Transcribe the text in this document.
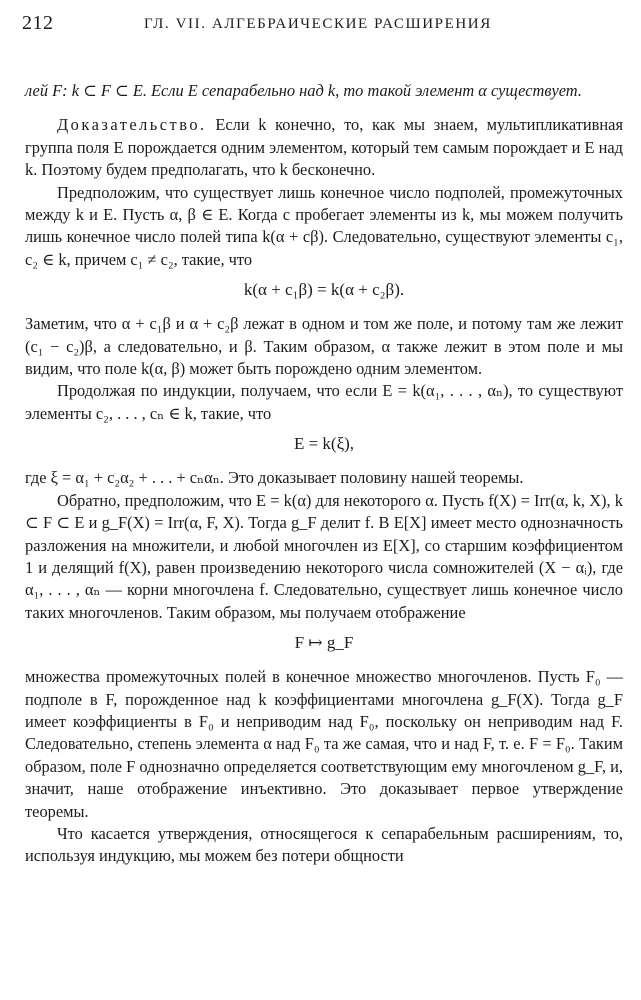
212	ГЛ. VII. АЛГЕБРАИЧЕСКИЕ РАСШИРЕНИЯ

лей F: k ⊂ F ⊂ E. Если E сепарабельно над k, то такой элемент α существует.

Доказательство. Если k конечно, то, как мы знаем, мультипликативная группа поля E порождается одним элементом, который тем самым порождает и E над k. Поэтому будем предполагать, что k бесконечно.

Предположим, что существует лишь конечное число подполей, промежуточных между k и E. Пусть α, β ∈ E. Когда c пробегает элементы из k, мы можем получить лишь конечное число полей типа k(α + cβ). Следовательно, существуют элементы c₁, c₂ ∈ k, причем c₁ ≠ c₂, такие, что

k(α + c₁β) = k(α + c₂β).

Заметим, что α + c₁β и α + c₂β лежат в одном и том же поле, и потому там же лежит (c₁ − c₂)β, а следовательно, и β. Таким образом, α также лежит в этом поле и мы видим, что поле k(α, β) может быть порождено одним элементом.

Продолжая по индукции, получаем, что если E = k(α₁, . . . , αₙ), то существуют элементы c₂, . . . , cₙ ∈ k, такие, что

E = k(ξ),

где ξ = α₁ + c₂α₂ + . . . + cₙαₙ. Это доказывает половину нашей теоремы.

Обратно, предположим, что E = k(α) для некоторого α. Пусть f(X) = Irr(α, k, X), k ⊂ F ⊂ E и g_F(X) = Irr(α, F, X). Тогда g_F делит f. В E[X] имеет место однозначность разложения на множители, и любой многочлен из E[X], со старшим коэффициентом 1 и делящий f(X), равен произведению некоторого числа сомножителей (X − αᵢ), где α₁, . . . , αₙ — корни многочлена f. Следовательно, существует лишь конечное число таких многочленов. Таким образом, мы получаем отображение

F ↦ g_F

множества промежуточных полей в конечное множество многочленов. Пусть F₀ — подполе в F, порожденное над k коэффициентами многочлена g_F(X). Тогда g_F имеет коэффициенты в F₀ и неприводим над F₀, поскольку он неприводим над F. Следовательно, степень элемента α над F₀ та же самая, что и над F, т. е. F = F₀. Таким образом, поле F однозначно определяется соответствующим ему многочленом g_F, и, значит, наше отображение инъективно. Это доказывает первое утверждение теоремы.

Что касается утверждения, относящегося к сепарабельным расширениям, то, используя индукцию, мы можем без потери общности
